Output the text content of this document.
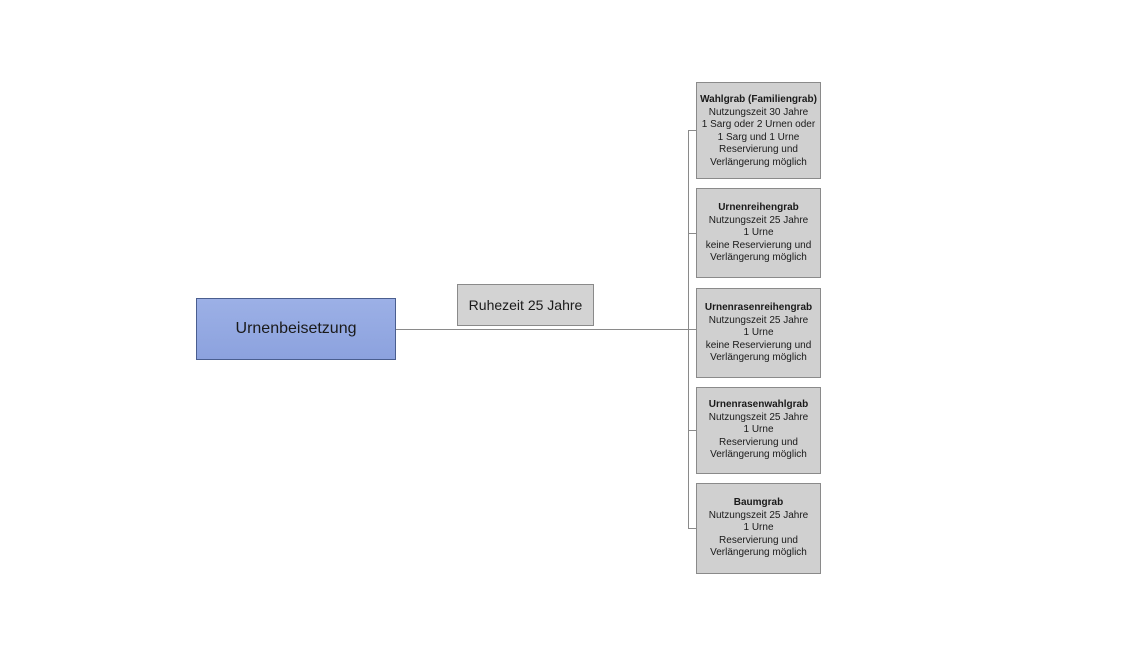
Urnenbeisetzung
Ruhezeit 25 Jahre
Wahlgrab (Familiengrab)
Nutzungszeit 30 Jahre
1 Sarg oder 2 Urnen oder
1 Sarg und 1 Urne
Reservierung und
Verlängerung möglich
Urnenreihengrab
Nutzungszeit 25 Jahre
1 Urne
keine Reservierung und
Verlängerung möglich
Urnenrasenreihengrab
Nutzungszeit 25 Jahre
1 Urne
keine Reservierung und
Verlängerung möglich
Urnenrasenwahlgrab
Nutzungszeit 25 Jahre
1 Urne
Reservierung und
Verlängerung möglich
Baumgrab
Nutzungszeit 25 Jahre
1 Urne
Reservierung und
Verlängerung möglich
